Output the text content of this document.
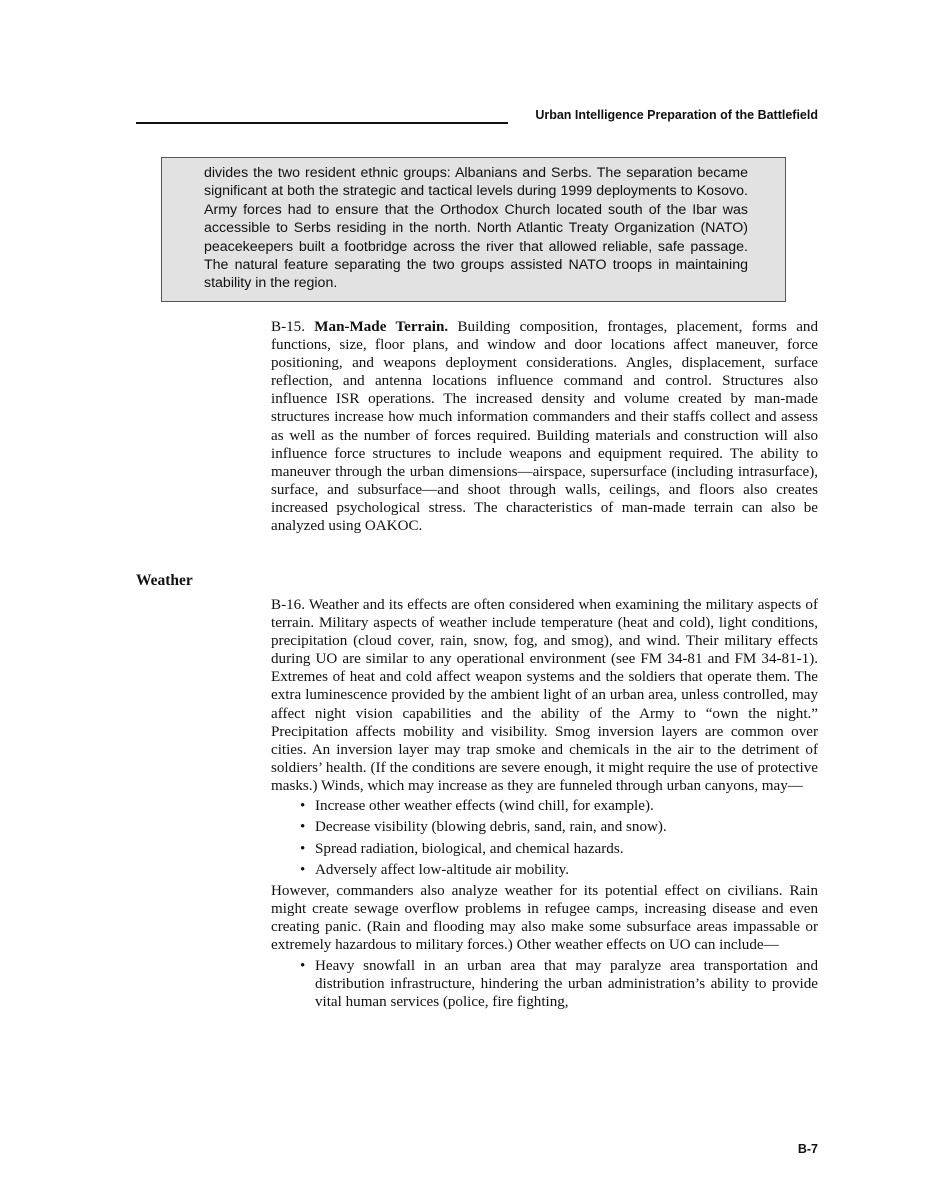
Urban Intelligence Preparation of the Battlefield

divides the two resident ethnic groups: Albanians and Serbs. The separation became significant at both the strategic and tactical levels during 1999 deployments to Kosovo. Army forces had to ensure that the Orthodox Church located south of the Ibar was accessible to Serbs residing in the north. North Atlantic Treaty Organization (NATO) peacekeepers built a footbridge across the river that allowed reliable, safe passage. The natural feature separating the two groups assisted NATO troops in maintaining stability in the region.

B-15. Man-Made Terrain. Building composition, frontages, placement, forms and functions, size, floor plans, and window and door locations affect maneuver, force positioning, and weapons deployment considerations. Angles, displacement, surface reflection, and antenna locations influence command and control. Structures also influence ISR operations. The increased density and volume created by man-made structures increase how much information commanders and their staffs collect and assess as well as the number of forces required. Building materials and construction will also influence force structures to include weapons and equipment required. The ability to maneuver through the urban dimensions—airspace, supersurface (including intrasurface), surface, and subsurface—and shoot through walls, ceilings, and floors also creates increased psychological stress. The characteristics of man-made terrain can also be analyzed using OAKOC.

Weather

B-16. Weather and its effects are often considered when examining the military aspects of terrain. Military aspects of weather include temperature (heat and cold), light conditions, precipitation (cloud cover, rain, snow, fog, and smog), and wind. Their military effects during UO are similar to any operational environment (see FM 34-81 and FM 34-81-1). Extremes of heat and cold affect weapon systems and the soldiers that operate them. The extra luminescence provided by the ambient light of an urban area, unless controlled, may affect night vision capabilities and the ability of the Army to “own the night.” Precipitation affects mobility and visibility. Smog inversion layers are common over cities. An inversion layer may trap smoke and chemicals in the air to the detriment of soldiers’ health. (If the conditions are severe enough, it might require the use of protective masks.) Winds, which may increase as they are funneled through urban canyons, may—

• Increase other weather effects (wind chill, for example).
• Decrease visibility (blowing debris, sand, rain, and snow).
• Spread radiation, biological, and chemical hazards.
• Adversely affect low-altitude air mobility.

However, commanders also analyze weather for its potential effect on civilians. Rain might create sewage overflow problems in refugee camps, increasing disease and even creating panic. (Rain and flooding may also make some subsurface areas impassable or extremely hazardous to military forces.) Other weather effects on UO can include—

• Heavy snowfall in an urban area that may paralyze area transportation and distribution infrastructure, hindering the urban administration’s ability to provide vital human services (police, fire fighting,
B-7
